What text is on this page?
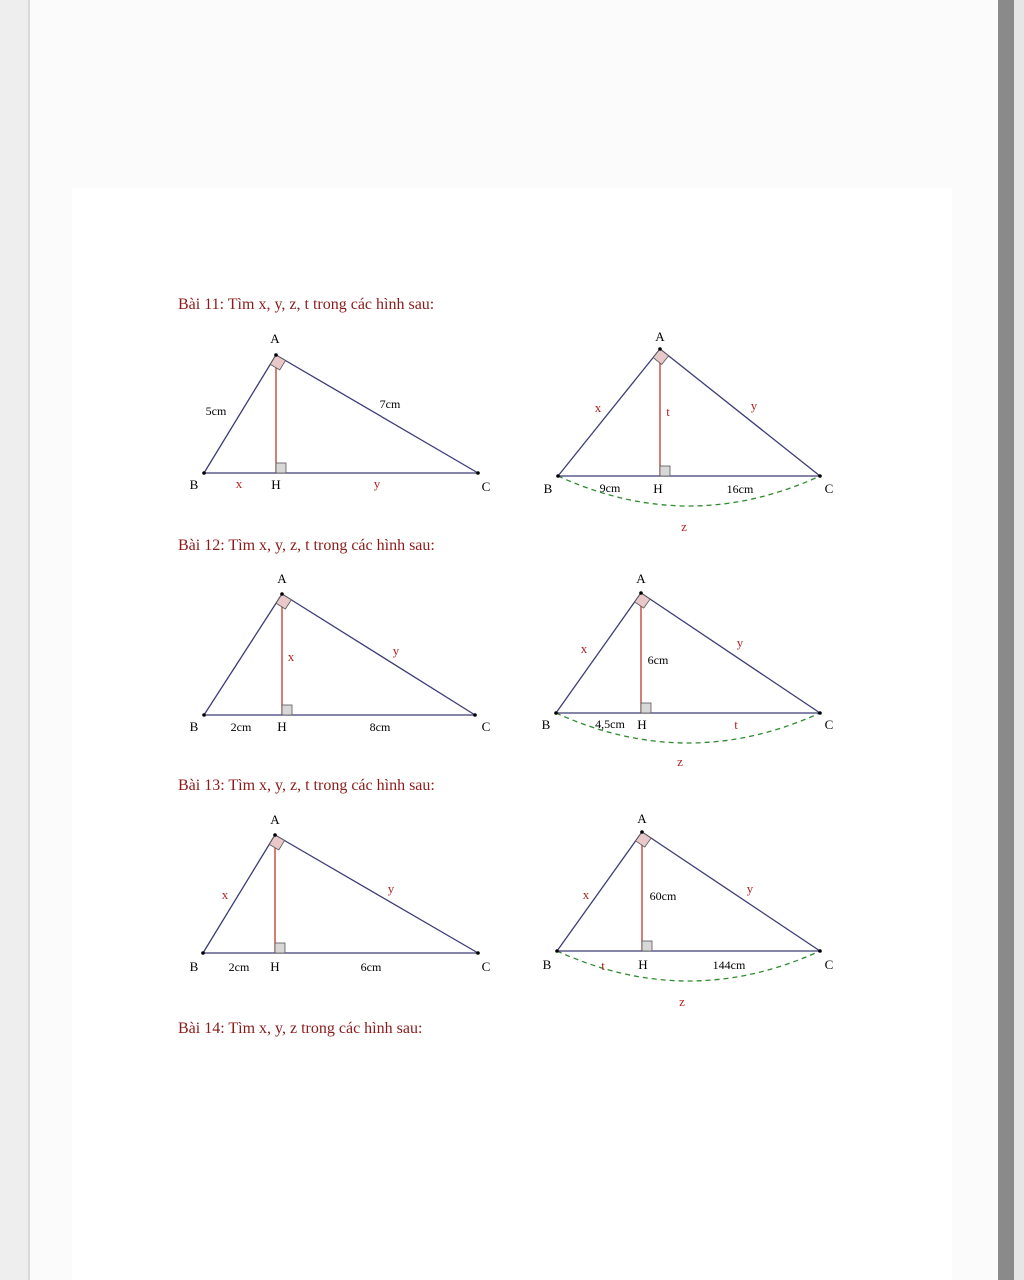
Bài 11: Tìm x, y, z, t trong các hình sau:
Bài 12: Tìm x, y, z, t trong các hình sau:
Bài 13: Tìm x, y, z, t trong các hình sau:
Bài 14: Tìm x, y, z trong các hình sau:
A
B	C
H
5cm	7cm
x	y
A
B	C
H
x	y
t
9cm	16cm
z
A
B	C
H
x	y
2cm	8cm
A
B	C
H
x	y
6cm
4,5cm	t
z
A
B	C
H
x	y
2cm	6cm
A
B	C
H
x	y
60cm
t	144cm
z
